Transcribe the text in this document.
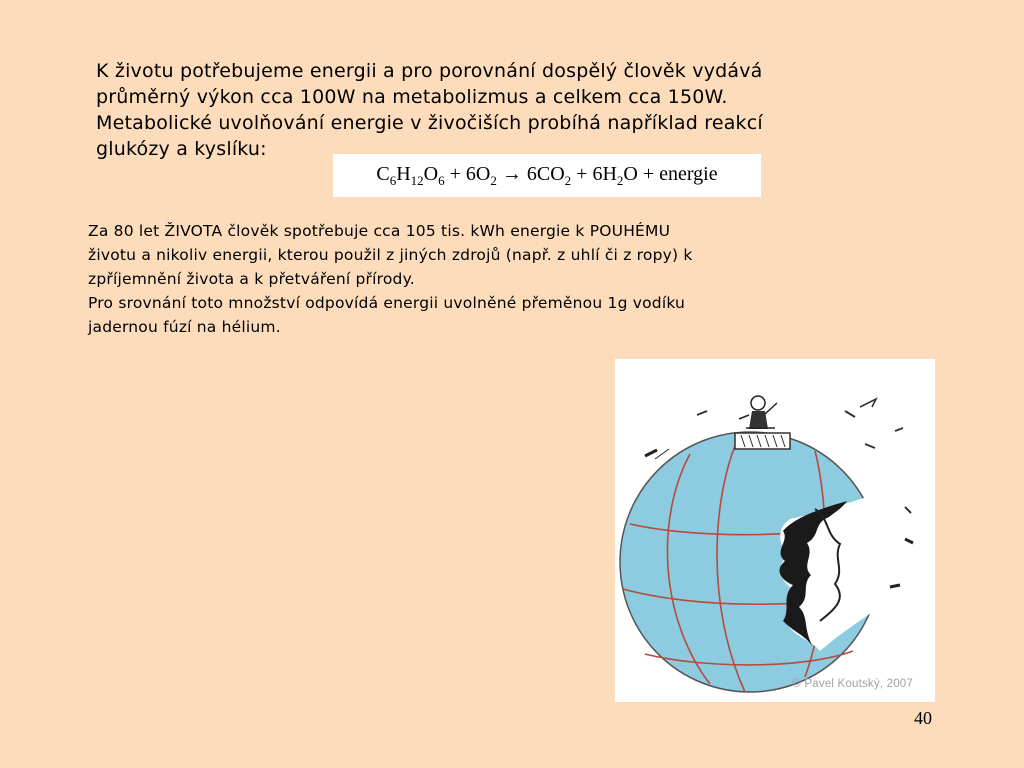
K životu potřebujeme energii a pro porovnání dospělý člověk vydává
průměrný výkon cca 100W na metabolizmus a celkem cca 150W.
Metabolické uvolňování energie v živočiších probíhá například reakcí
glukózy a kyslíku:
$C_6H_{12}O_6 + 6O_2 \to 6CO_2 + 6H_2O$ + energie
Za 80 let ŽIVOTA člověk spotřebuje cca 105 tis. kWh energie k POUHÉMU
životu a nikoliv energii, kterou použil z jiných zdrojů (např. z uhlí či z ropy) k
zpříjemnění života a k přetváření přírody.
Pro srovnání toto množství odpovídá energii uvolněné přeměnou 1g vodíku
jadernou fúzí na hélium.
© Pavel Koutský, 2007
40
